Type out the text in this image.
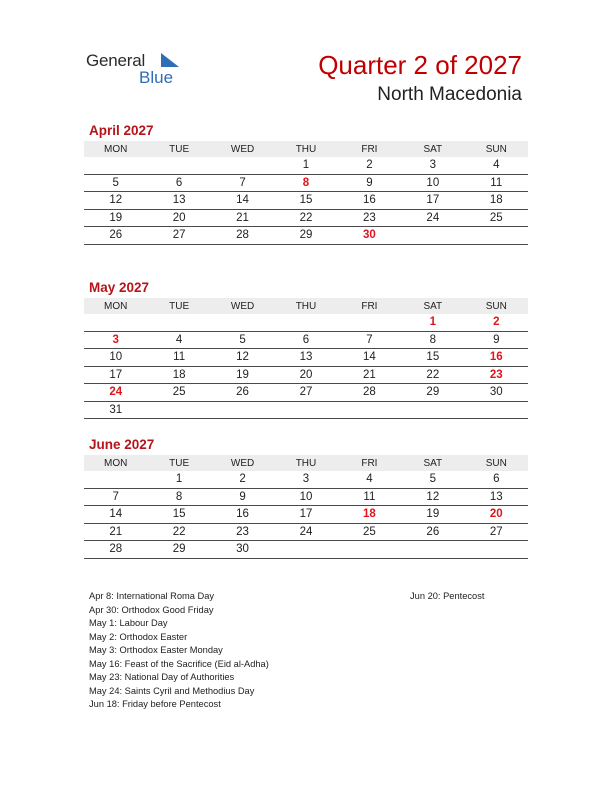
General
Blue	Quarter 2 of 2027
North Macedonia
April 2027
MON	TUE	WED	THU	FRI	SAT	SUN
			1	2	3	4
5	6	7	8	9	10	11
12	13	14	15	16	17	18
19	20	21	22	23	24	25
26	27	28	29	30		
May 2027
MON	TUE	WED	THU	FRI	SAT	SUN
					1	2
3	4	5	6	7	8	9
10	11	12	13	14	15	16
17	18	19	20	21	22	23
24	25	26	27	28	29	30
31						
June 2027
MON	TUE	WED	THU	FRI	SAT	SUN
	1	2	3	4	5	6
7	8	9	10	11	12	13
14	15	16	17	18	19	20
21	22	23	24	25	26	27
28	29	30				
Apr 8: International Roma Day
Apr 30: Orthodox Good Friday
May 1: Labour Day
May 2: Orthodox Easter
May 3: Orthodox Easter Monday
May 16: Feast of the Sacrifice (Eid al-Adha)
May 23: National Day of Authorities
May 24: Saints Cyril and Methodius Day
Jun 18: Friday before Pentecost
Jun 20: Pentecost
